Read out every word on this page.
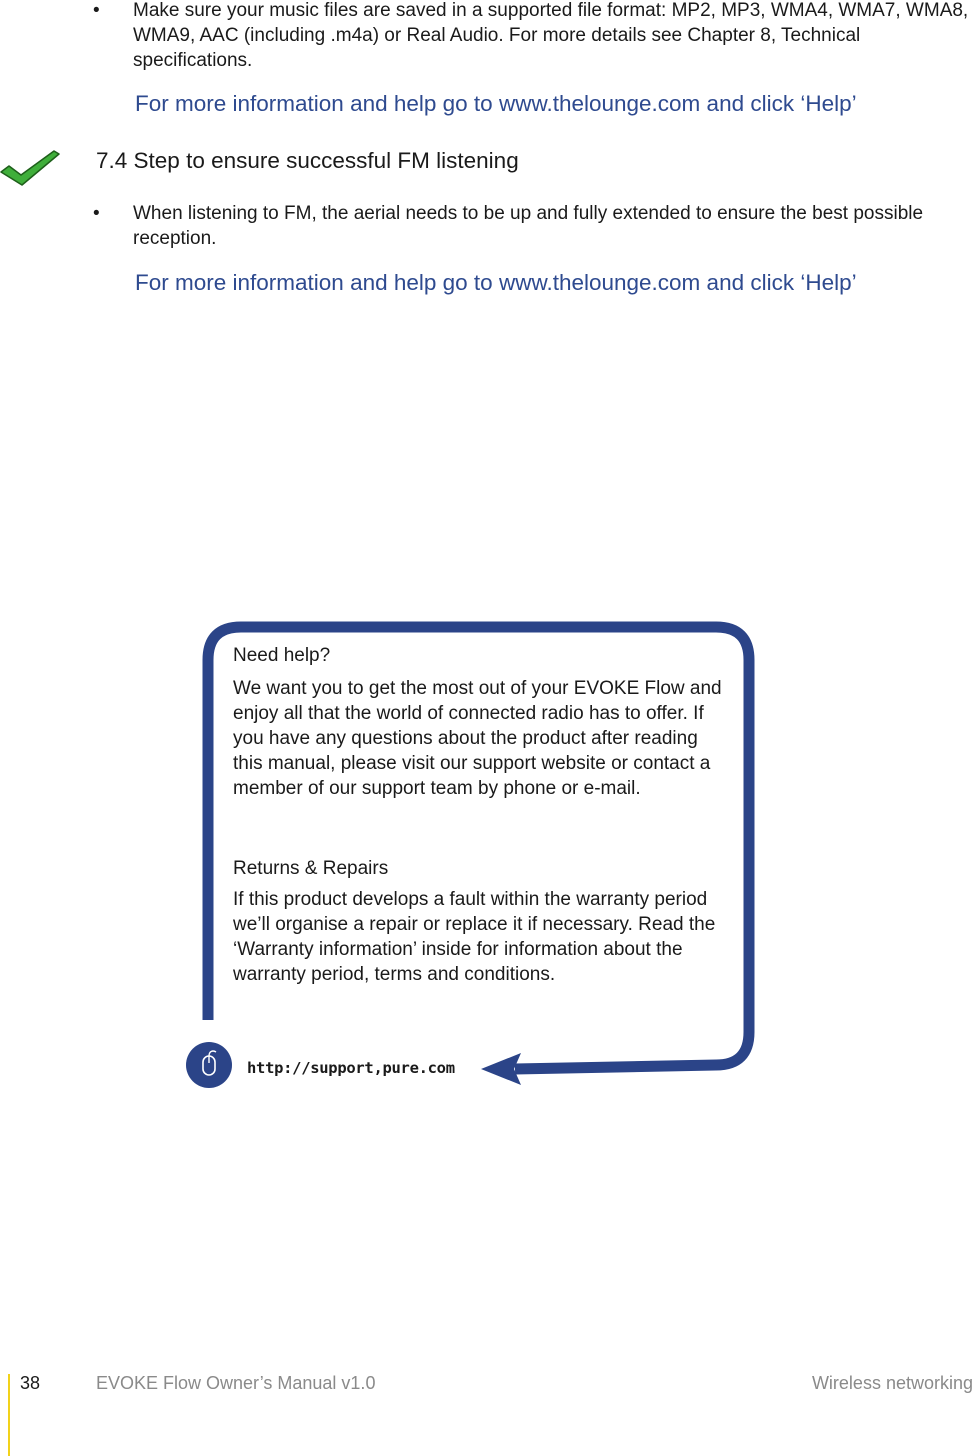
• Make sure your music files are saved in a supported file format: MP2, MP3, WMA4, WMA7, WMA8, WMA9, AAC (including .m4a) or Real Audio. For more details see Chapter 8, Technical specifications.
For more information and help go to www.thelounge.com and click ‘Help’
7.4 Step to ensure successful FM listening
• When listening to FM, the aerial needs to be up and fully extended to ensure the best possible reception.
For more information and help go to www.thelounge.com and click ‘Help’
Need help?
We want you to get the most out of your EVOKE Flow and enjoy all that the world of connected radio has to offer. If you have any questions about the product after reading this manual, please visit our support website or contact a member of our support team by phone or e-mail.
Returns & Repairs
If this product develops a fault within the warranty period we’ll organise a repair or replace it if necessary. Read the ‘Warranty information’ inside for information about the warranty period, terms and conditions.
http://support,pure.com
38	EVOKE Flow Owner’s Manual v1.0	Wireless networking
